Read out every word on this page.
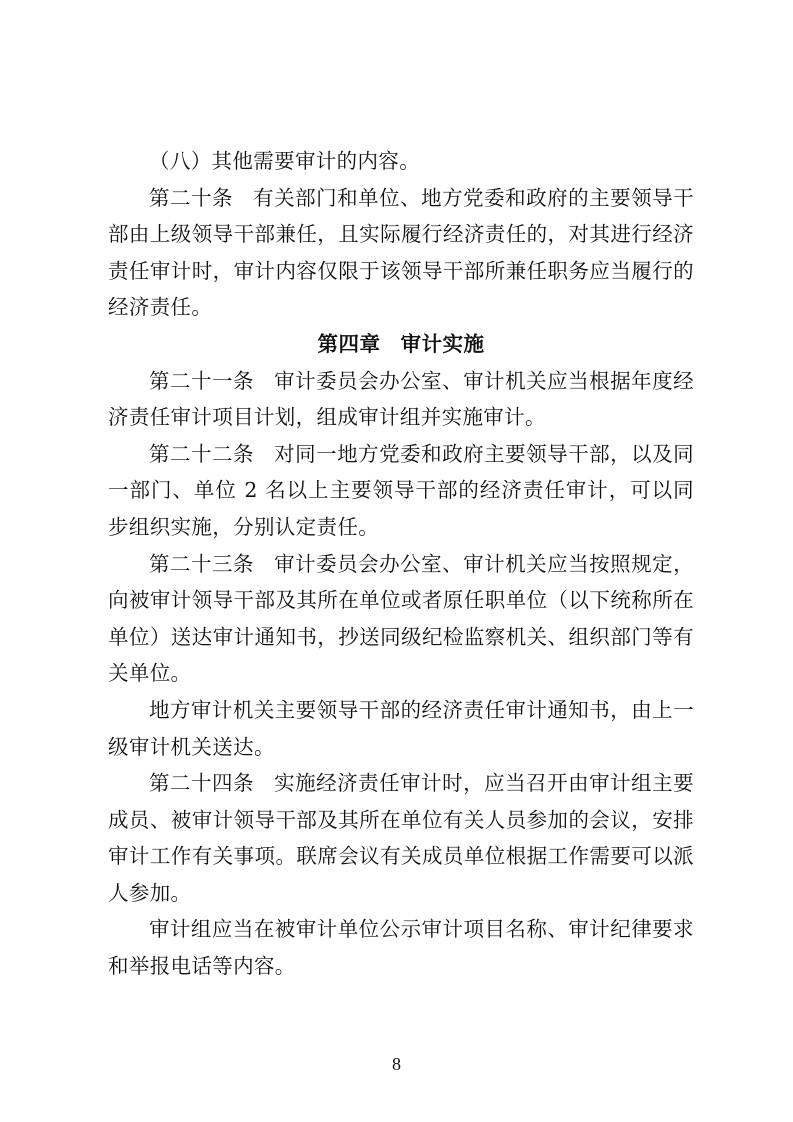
（八）其他需要审计的内容。

第二十条 有关部门和单位、地方党委和政府的主要领导干部由上级领导干部兼任，且实际履行经济责任的，对其进行经济责任审计时，审计内容仅限于该领导干部所兼任职务应当履行的经济责任。

第四章 审计实施

第二十一条 审计委员会办公室、审计机关应当根据年度经济责任审计项目计划，组成审计组并实施审计。

第二十二条 对同一地方党委和政府主要领导干部，以及同一部门、单位 2 名以上主要领导干部的经济责任审计，可以同步组织实施，分别认定责任。

第二十三条 审计委员会办公室、审计机关应当按照规定，向被审计领导干部及其所在单位或者原任职单位（以下统称所在单位）送达审计通知书，抄送同级纪检监察机关、组织部门等有关单位。

地方审计机关主要领导干部的经济责任审计通知书，由上一级审计机关送达。

第二十四条 实施经济责任审计时，应当召开由审计组主要成员、被审计领导干部及其所在单位有关人员参加的会议，安排审计工作有关事项。联席会议有关成员单位根据工作需要可以派人参加。

审计组应当在被审计单位公示审计项目名称、审计纪律要求和举报电话等内容。

8
